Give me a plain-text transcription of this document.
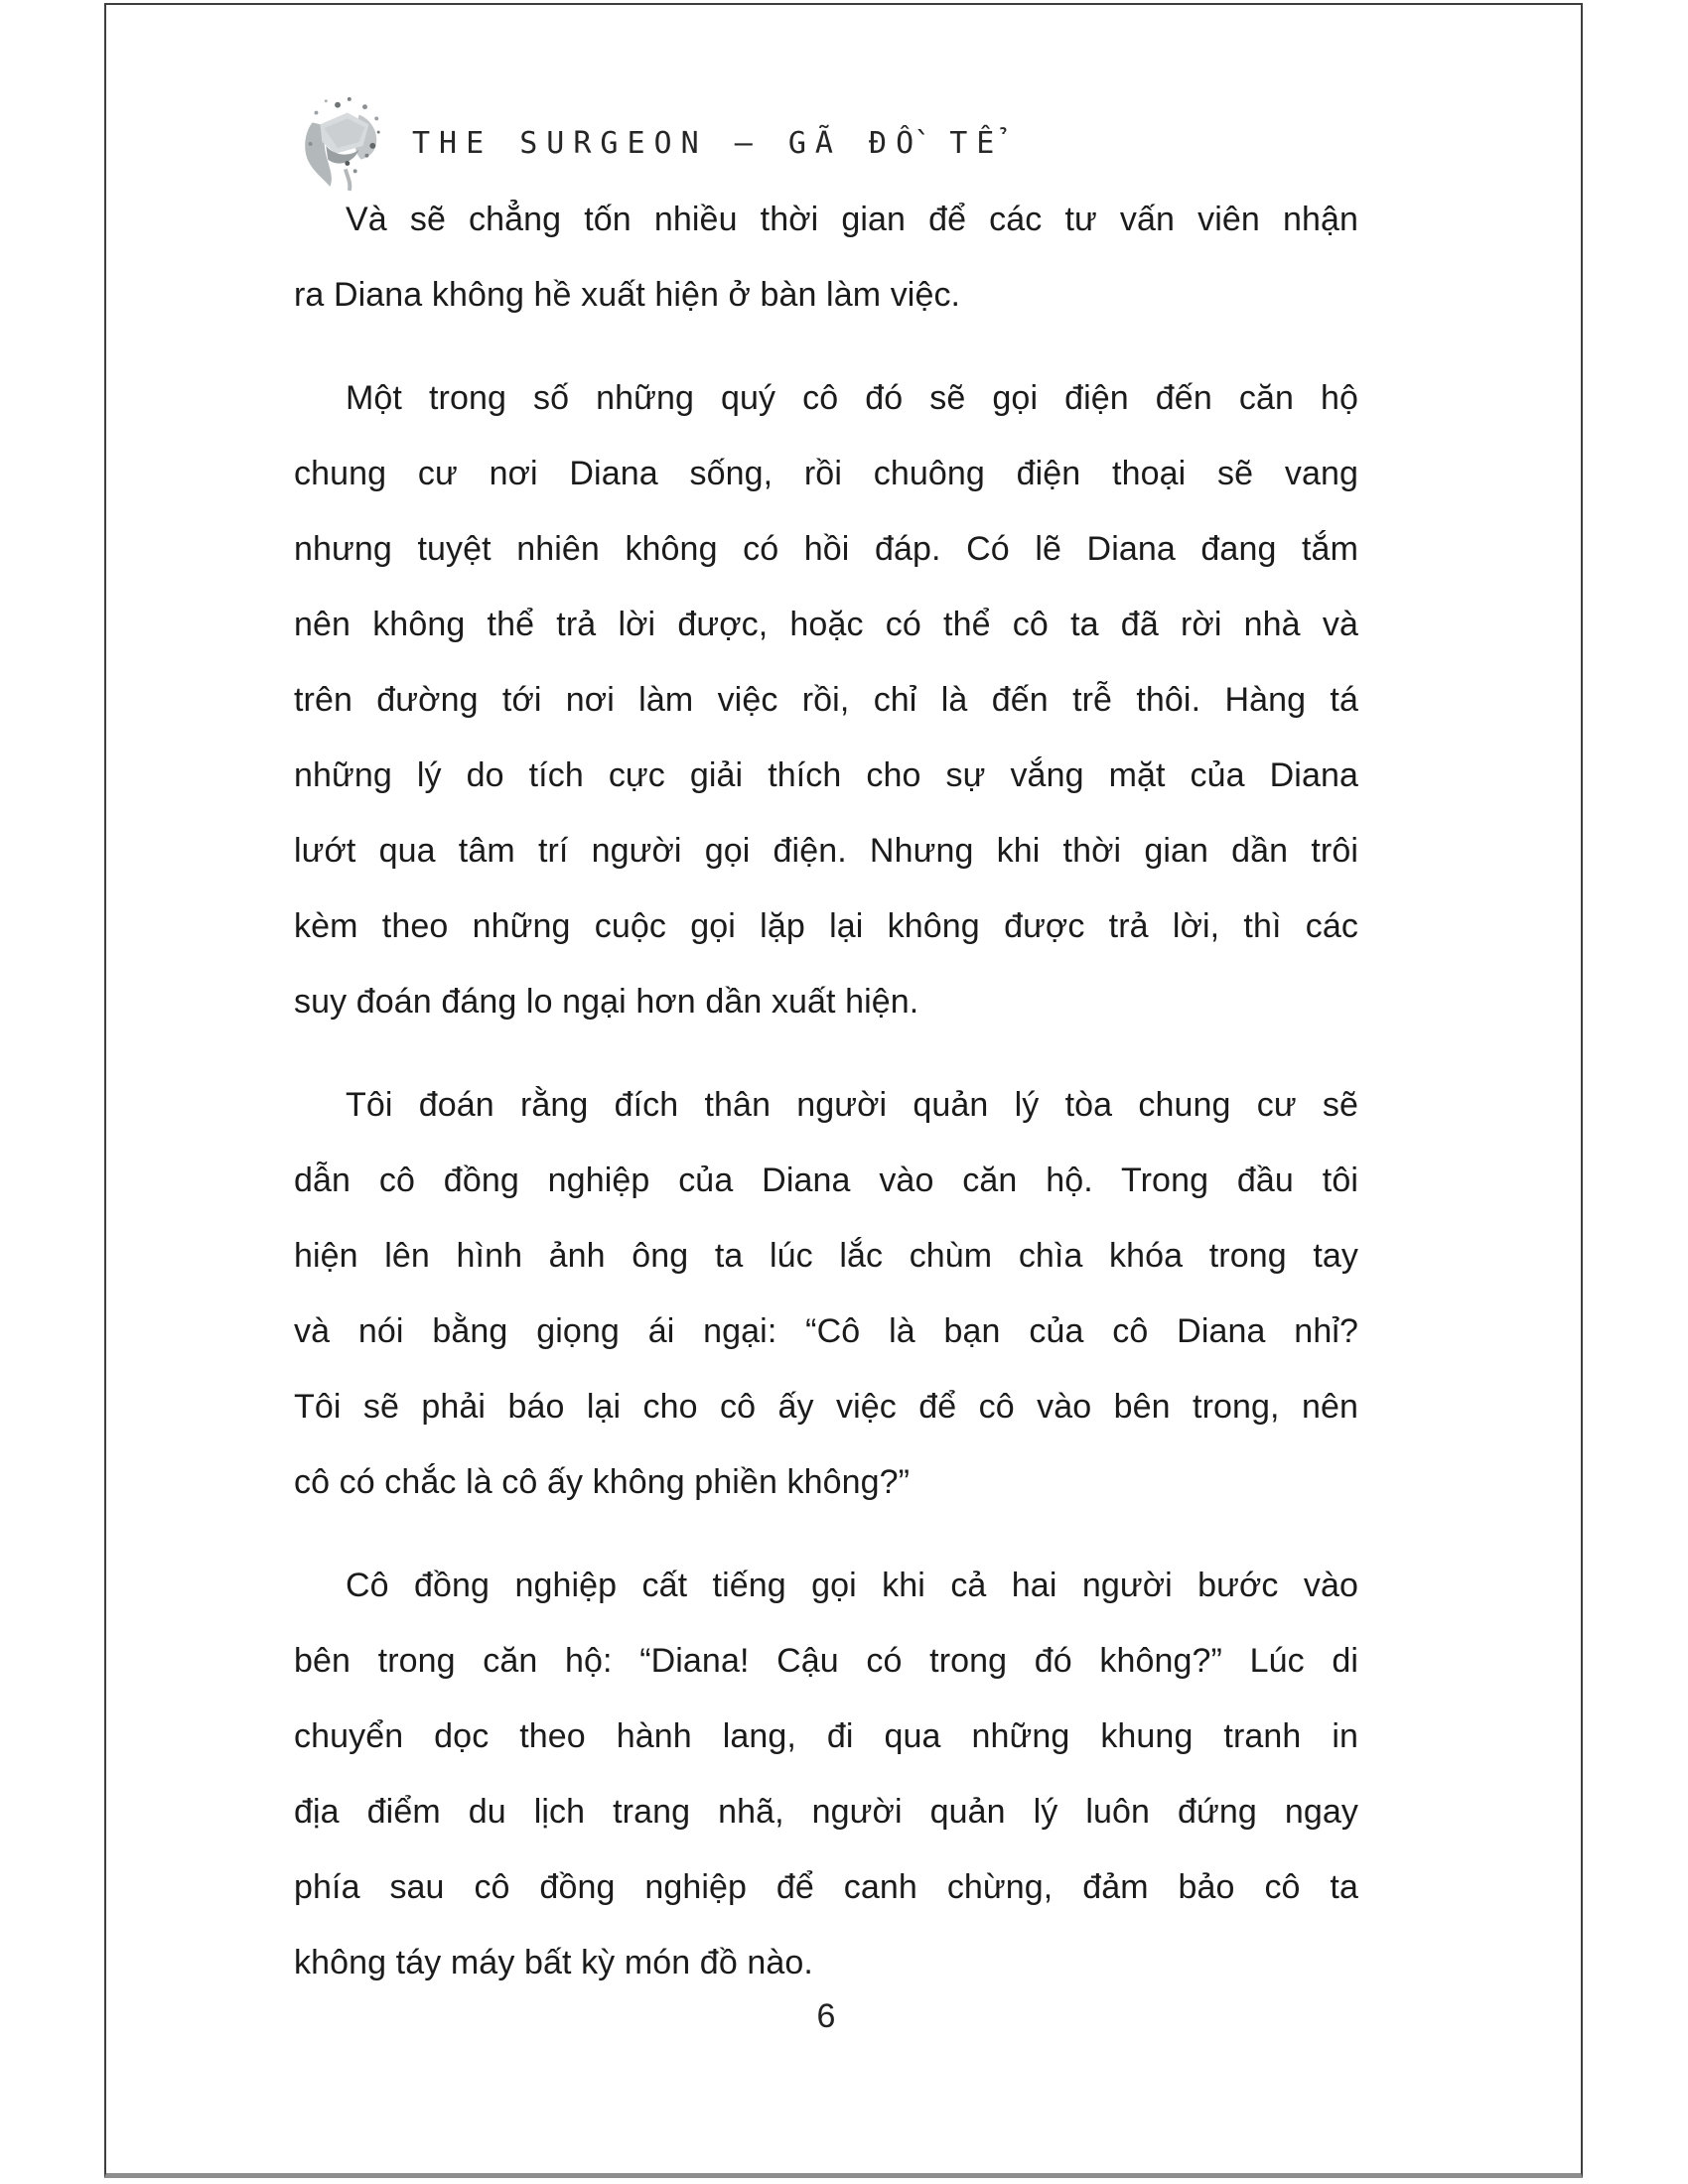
THE SURGEON – GÃ ĐỒ TỂ
Và sẽ chẳng tốn nhiều thời gian để các tư vấn viên nhận
ra Diana không hề xuất hiện ở bàn làm việc.
Một trong số những quý cô đó sẽ gọi điện đến căn hộ
chung cư nơi Diana sống, rồi chuông điện thoại sẽ vang
nhưng tuyệt nhiên không có hồi đáp. Có lẽ Diana đang tắm
nên không thể trả lời được, hoặc có thể cô ta đã rời nhà và
trên đường tới nơi làm việc rồi, chỉ là đến trễ thôi. Hàng tá
những lý do tích cực giải thích cho sự vắng mặt của Diana
lướt qua tâm trí người gọi điện. Nhưng khi thời gian dần trôi
kèm theo những cuộc gọi lặp lại không được trả lời, thì các
suy đoán đáng lo ngại hơn dần xuất hiện.
Tôi đoán rằng đích thân người quản lý tòa chung cư sẽ
dẫn cô đồng nghiệp của Diana vào căn hộ. Trong đầu tôi
hiện lên hình ảnh ông ta lúc lắc chùm chìa khóa trong tay
và nói bằng giọng ái ngại: “Cô là bạn của cô Diana nhỉ?
Tôi sẽ phải báo lại cho cô ấy việc để cô vào bên trong, nên
cô có chắc là cô ấy không phiền không?”
Cô đồng nghiệp cất tiếng gọi khi cả hai người bước vào
bên trong căn hộ: “Diana! Cậu có trong đó không?” Lúc di
chuyển dọc theo hành lang, đi qua những khung tranh in
địa điểm du lịch trang nhã, người quản lý luôn đứng ngay
phía sau cô đồng nghiệp để canh chừng, đảm bảo cô ta
không táy máy bất kỳ món đồ nào.
6
